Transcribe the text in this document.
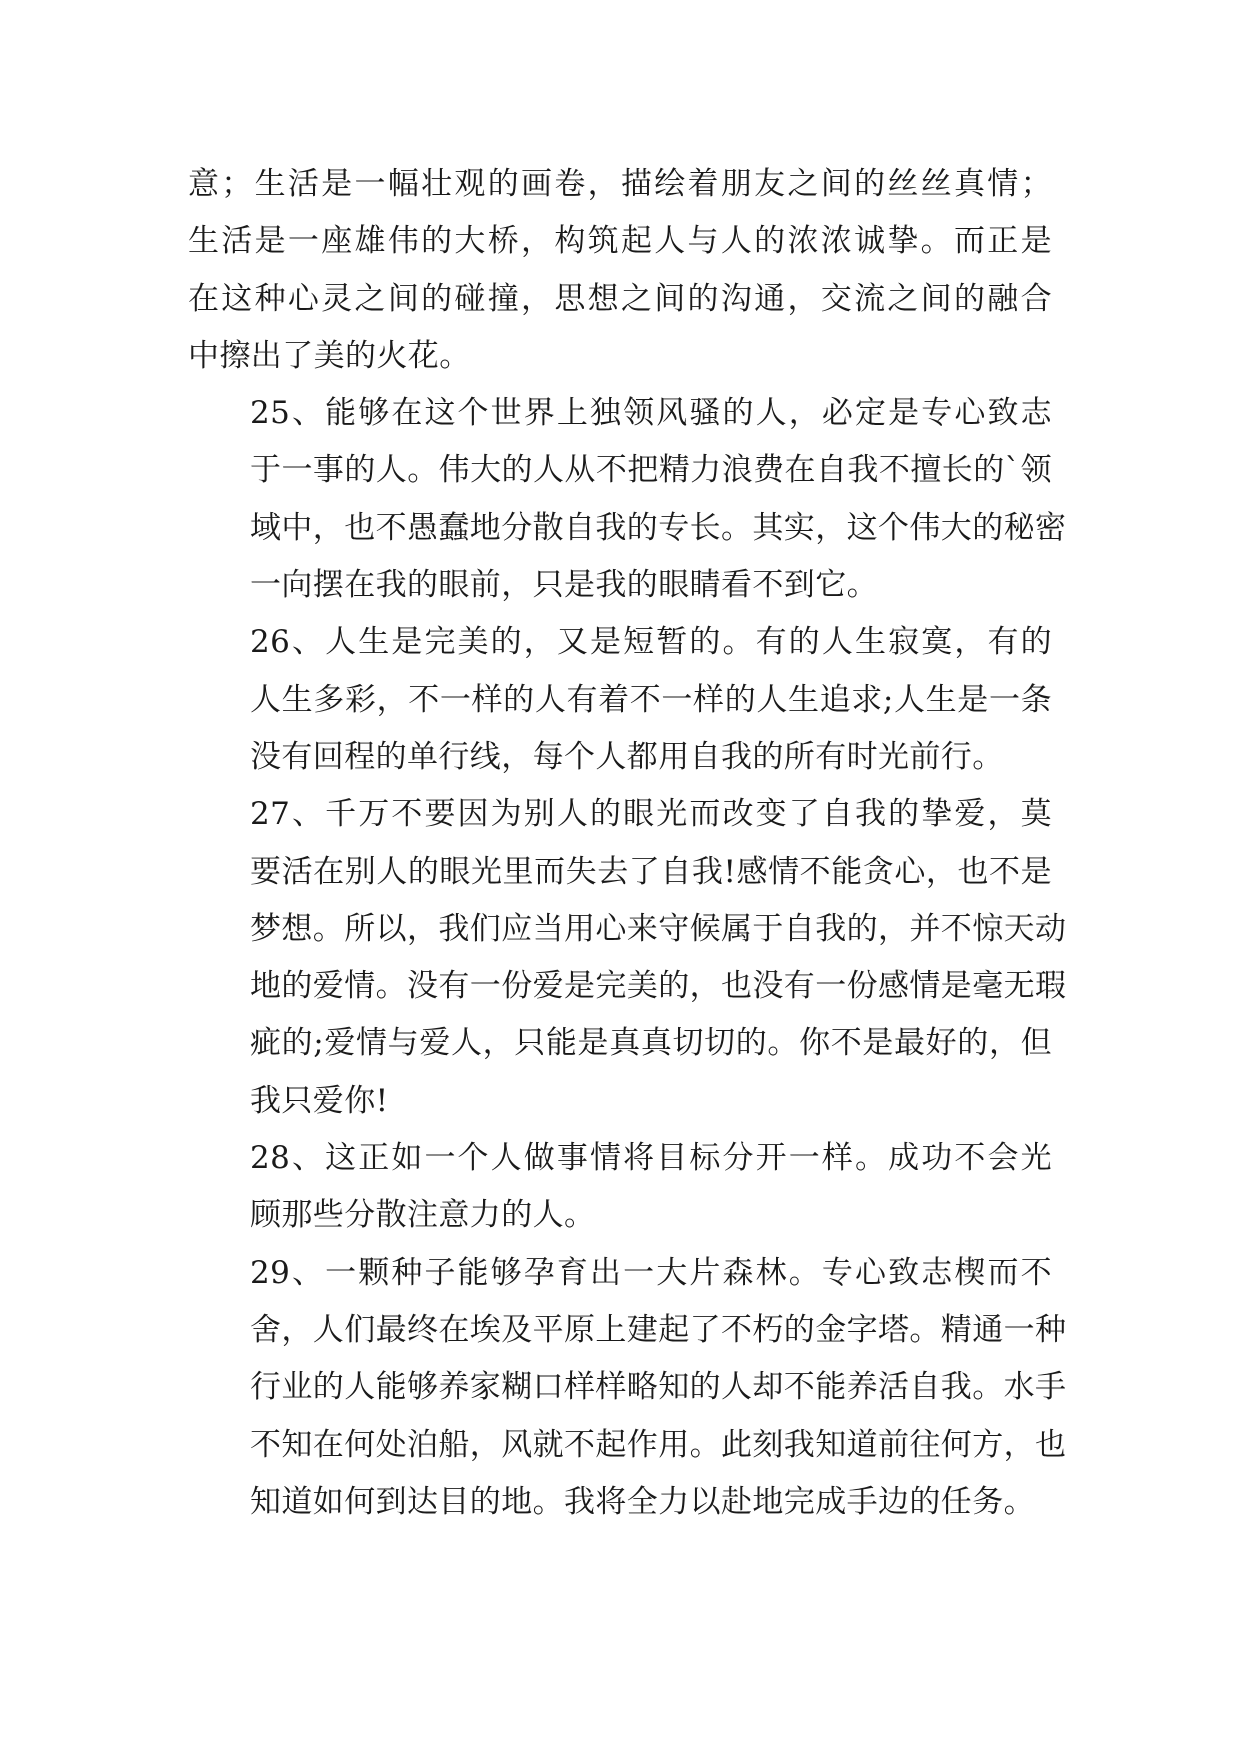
意；生活是一幅壮观的画卷，描绘着朋友之间的丝丝真情；
生活是一座雄伟的大桥，构筑起人与人的浓浓诚挚。而正是
在这种心灵之间的碰撞，思想之间的沟通，交流之间的融合
中擦出了美的火花。
25、能够在这个世界上独领风骚的人，必定是专心致志
于一事的人。伟大的人从不把精力浪费在自我不擅长的`领
域中，也不愚蠢地分散自我的专长。其实，这个伟大的秘密
一向摆在我的眼前，只是我的眼睛看不到它。
26、人生是完美的，又是短暂的。有的人生寂寞，有的
人生多彩，不一样的人有着不一样的人生追求;人生是一条
没有回程的单行线，每个人都用自我的所有时光前行。
27、千万不要因为别人的眼光而改变了自我的挚爱，莫
要活在别人的眼光里而失去了自我!感情不能贪心，也不是
梦想。所以，我们应当用心来守候属于自我的，并不惊天动
地的爱情。没有一份爱是完美的，也没有一份感情是毫无瑕
疵的;爱情与爱人，只能是真真切切的。你不是最好的，但
我只爱你!
28、这正如一个人做事情将目标分开一样。成功不会光
顾那些分散注意力的人。
29、一颗种子能够孕育出一大片森林。专心致志楔而不
舍，人们最终在埃及平原上建起了不朽的金字塔。精通一种
行业的人能够养家糊口样样略知的人却不能养活自我。水手
不知在何处泊船，风就不起作用。此刻我知道前往何方，也
知道如何到达目的地。我将全力以赴地完成手边的任务。
